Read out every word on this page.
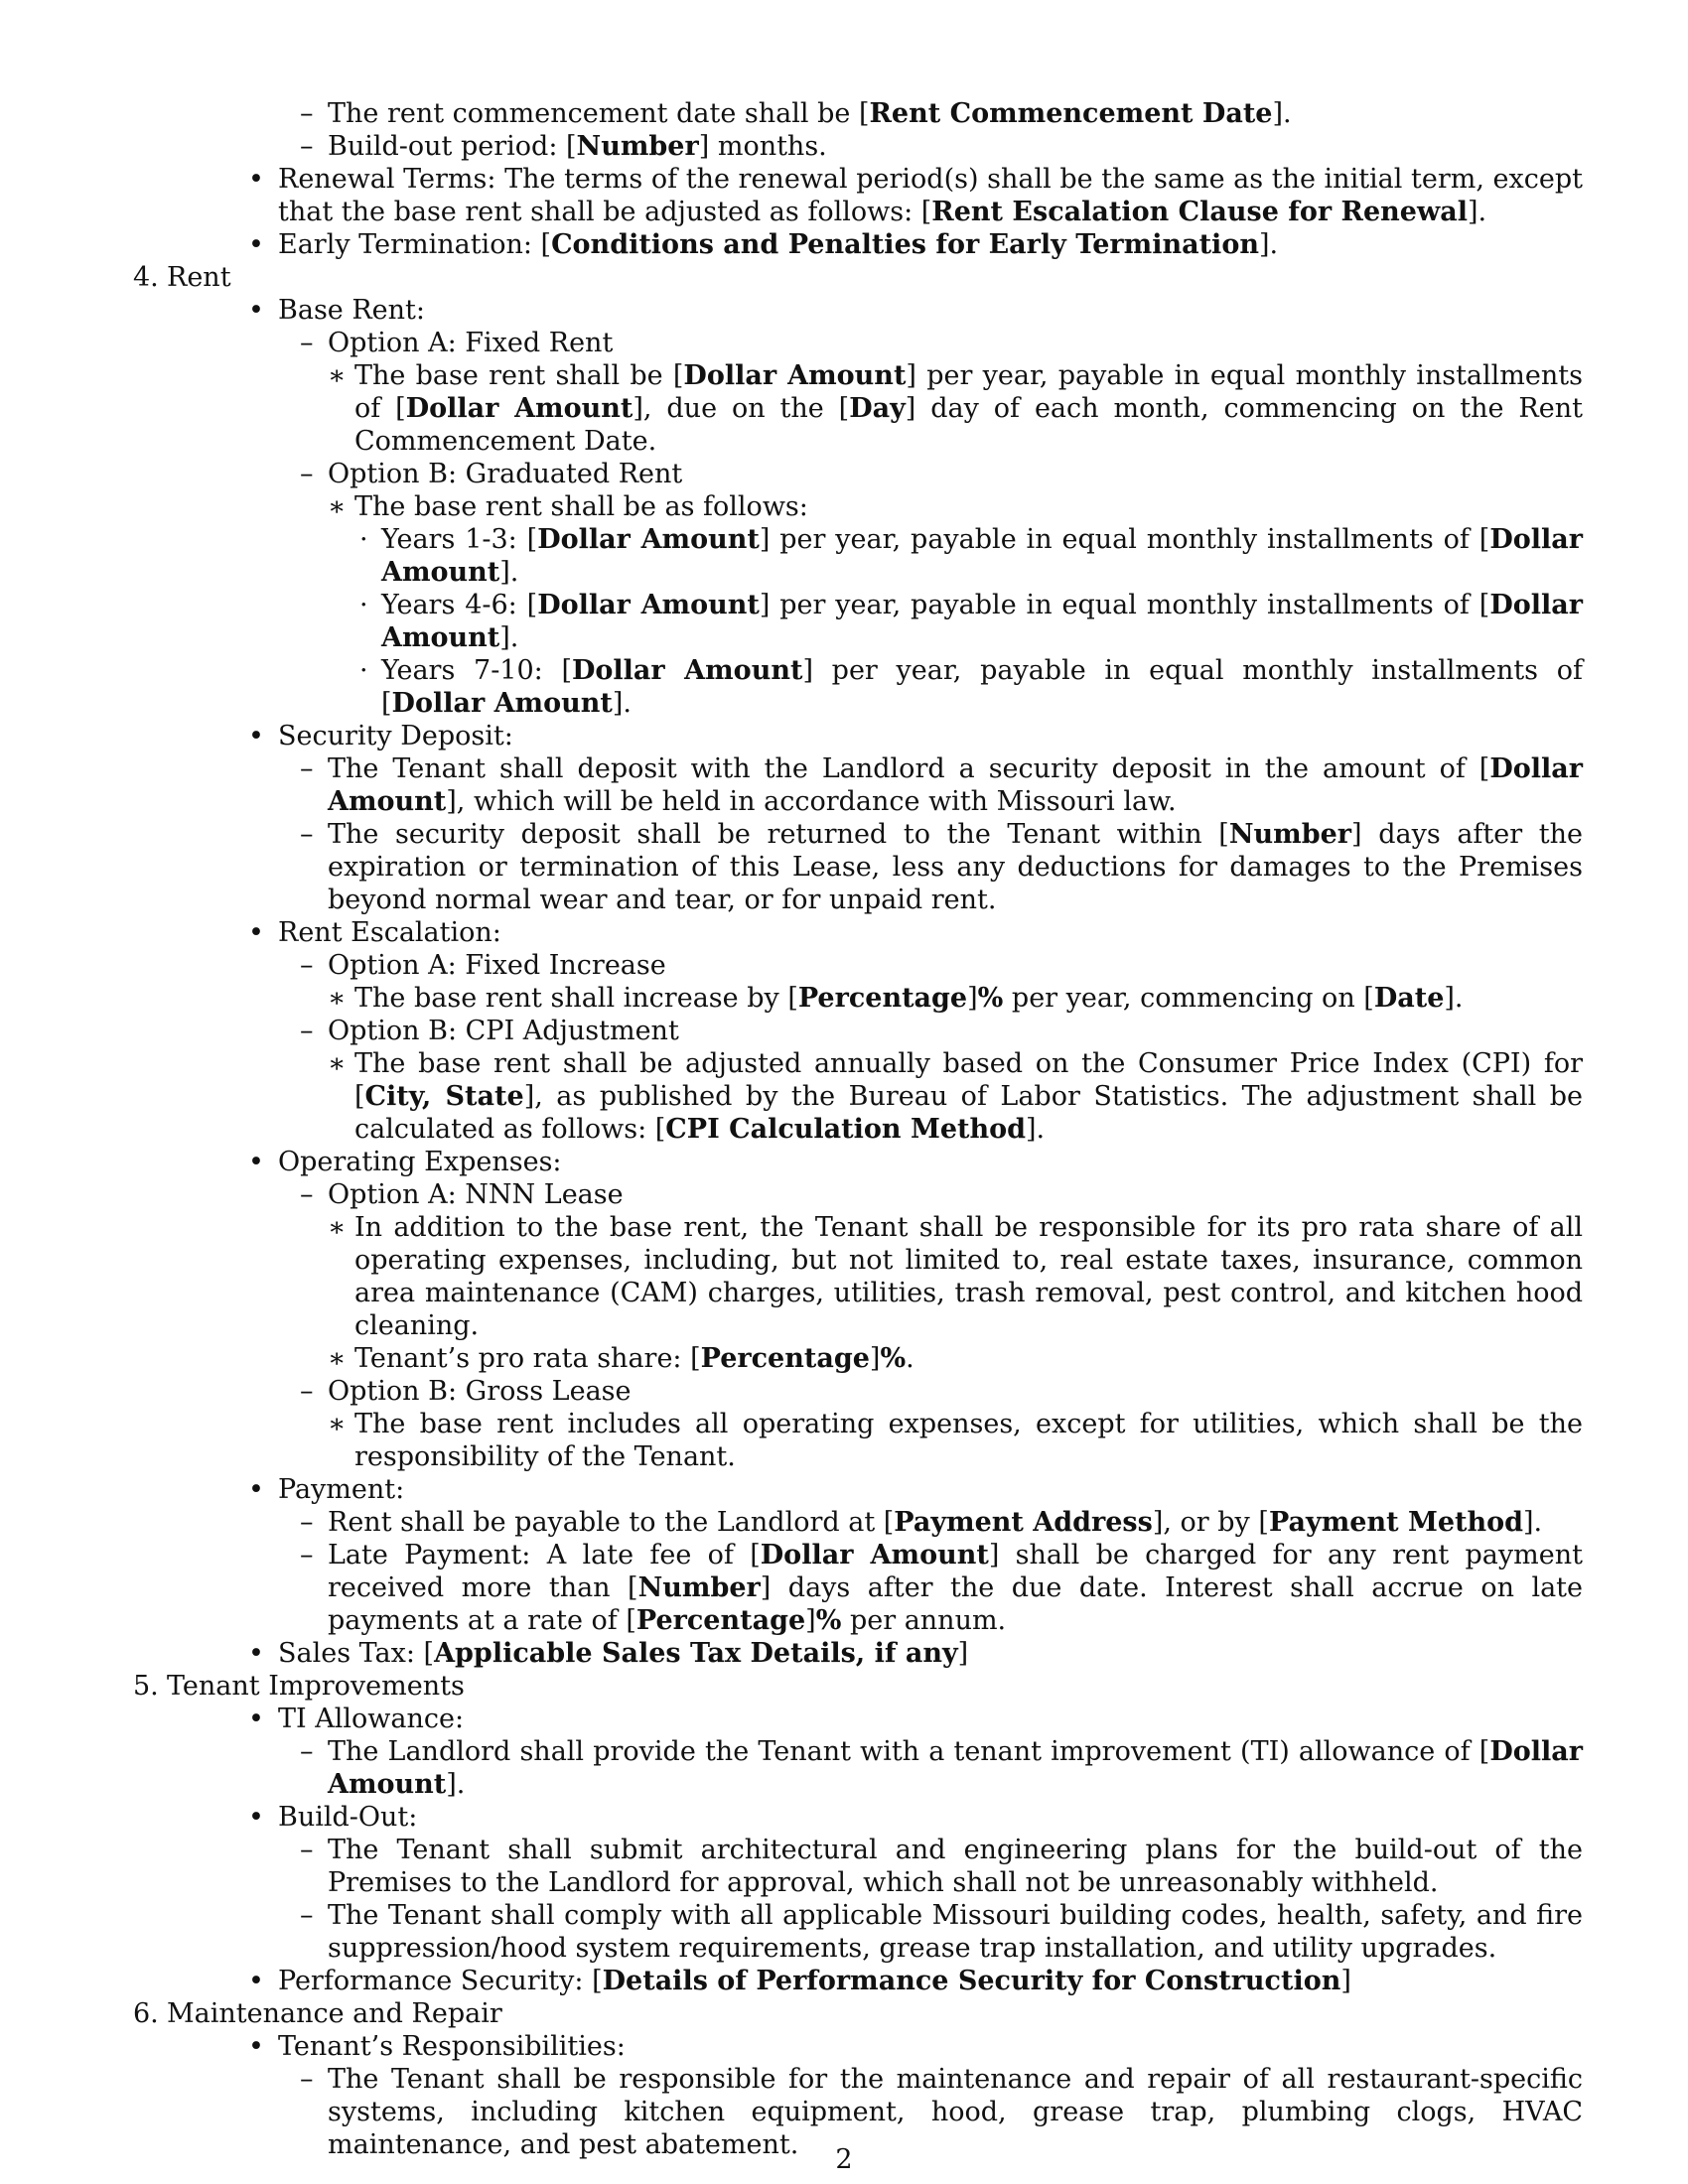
– The rent commencement date shall be [Rent Commencement Date].

– Build-out period: [Number] months.

• Renewal Terms: The terms of the renewal period(s) shall be the same as the initial term, except that the base rent shall be adjusted as follows: [Rent Escalation Clause for Renewal].

• Early Termination: [Conditions and Penalties for Early Termination].

4. Rent

• Base Rent:

– Option A: Fixed Rent

∗ The base rent shall be [Dollar Amount] per year, payable in equal monthly installments of [Dollar Amount], due on the [Day] day of each month, commencing on the Rent Commencement Date.

– Option B: Graduated Rent

∗ The base rent shall be as follows:

· Years 1-3: [Dollar Amount] per year, payable in equal monthly installments of [Dollar Amount].

· Years 4-6: [Dollar Amount] per year, payable in equal monthly installments of [Dollar Amount].

· Years 7-10: [Dollar Amount] per year, payable in equal monthly installments of [Dollar Amount].

• Security Deposit:

– The Tenant shall deposit with the Landlord a security deposit in the amount of [Dollar Amount], which will be held in accordance with Missouri law.

– The security deposit shall be returned to the Tenant within [Number] days after the expiration or termination of this Lease, less any deductions for damages to the Premises beyond normal wear and tear, or for unpaid rent.

• Rent Escalation:

– Option A: Fixed Increase

∗ The base rent shall increase by [Percentage]% per year, commencing on [Date].

– Option B: CPI Adjustment

∗ The base rent shall be adjusted annually based on the Consumer Price Index (CPI) for [City, State], as published by the Bureau of Labor Statistics. The adjustment shall be calculated as follows: [CPI Calculation Method].

• Operating Expenses:

– Option A: NNN Lease

∗ In addition to the base rent, the Tenant shall be responsible for its pro rata share of all operating expenses, including, but not limited to, real estate taxes, insurance, common area maintenance (CAM) charges, utilities, trash removal, pest control, and kitchen hood cleaning.

∗ Tenant’s pro rata share: [Percentage]%.

– Option B: Gross Lease

∗ The base rent includes all operating expenses, except for utilities, which shall be the responsibility of the Tenant.

• Payment:

– Rent shall be payable to the Landlord at [Payment Address], or by [Payment Method].

– Late Payment: A late fee of [Dollar Amount] shall be charged for any rent payment received more than [Number] days after the due date. Interest shall accrue on late payments at a rate of [Percentage]% per annum.

• Sales Tax: [Applicable Sales Tax Details, if any]

5. Tenant Improvements

• TI Allowance:

– The Landlord shall provide the Tenant with a tenant improvement (TI) allowance of [Dollar Amount].

• Build-Out:

– The Tenant shall submit architectural and engineering plans for the build-out of the Premises to the Landlord for approval, which shall not be unreasonably withheld.

– The Tenant shall comply with all applicable Missouri building codes, health, safety, and fire suppression/hood system requirements, grease trap installation, and utility upgrades.

• Performance Security: [Details of Performance Security for Construction]

6. Maintenance and Repair

• Tenant’s Responsibilities:

– The Tenant shall be responsible for the maintenance and repair of all restaurant-specific systems, including kitchen equipment, hood, grease trap, plumbing clogs, HVAC maintenance, and pest abatement.	2
